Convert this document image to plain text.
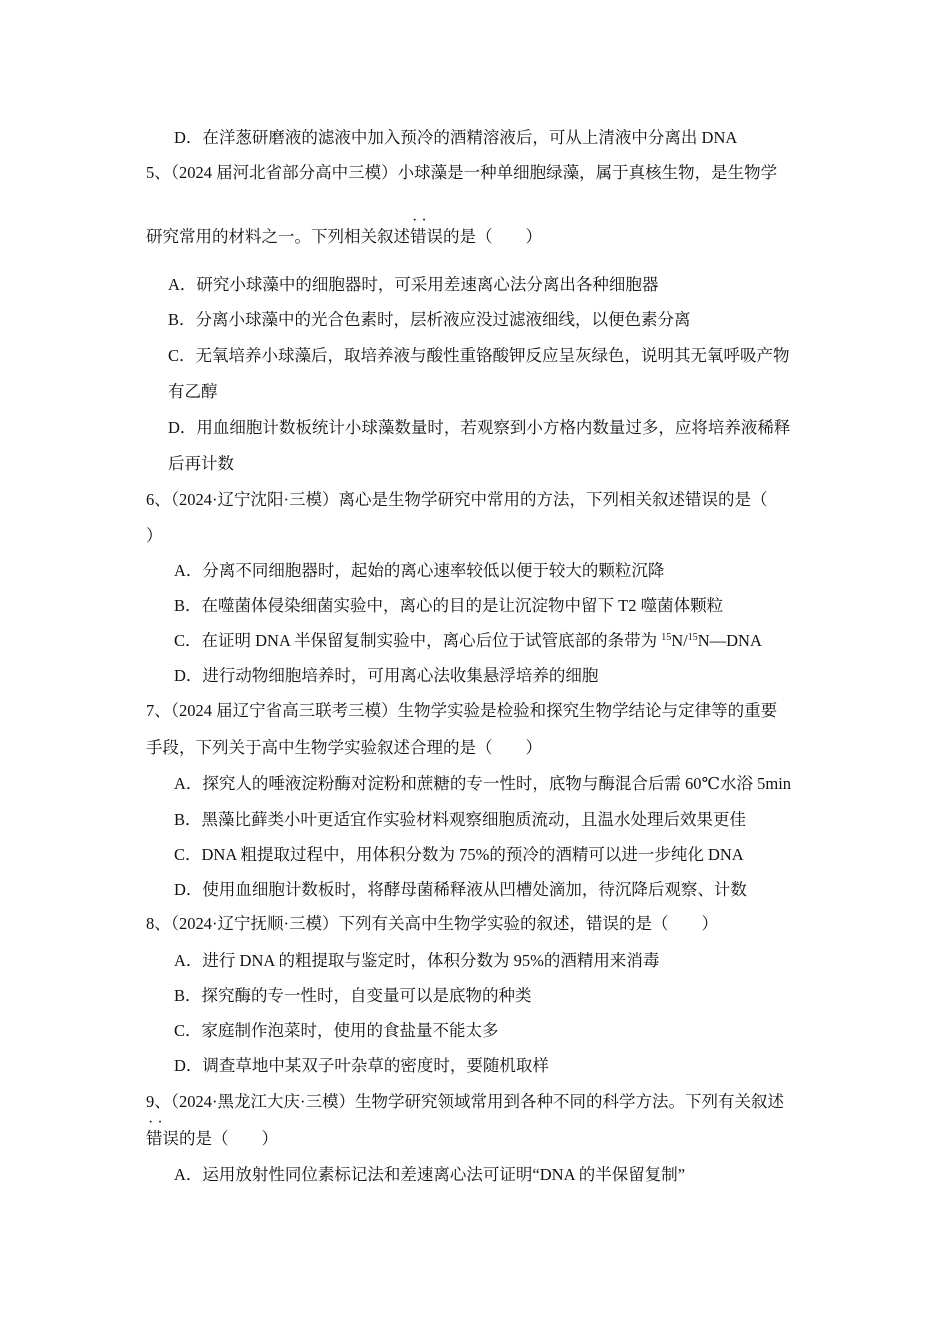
D．在洋葱研磨液的滤液中加入预冷的酒精溶液后，可从上清液中分离出 DNA
5、（2024 届河北省部分高中三模）小球藻是一种单细胞绿藻，属于真核生物，是生物学
研究常用的材料之一。下列相关叙述· · 错误的是（　　）
A．研究小球藻中的细胞器时，可采用差速离心法分离出各种细胞器
B．分离小球藻中的光合色素时，层析液应没过滤液细线，以便色素分离
C．无氧培养小球藻后，取培养液与酸性重铬酸钾反应呈灰绿色，说明其无氧呼吸产物
有乙醇
D．用血细胞计数板统计小球藻数量时，若观察到小方格内数量过多，应将培养液稀释
后再计数
6、（2024·辽宁沈阳·三模）离心是生物学研究中常用的方法，下列相关叙述错误的是（
）
A．分离不同细胞器时，起始的离心速率较低以便于较大的颗粒沉降
B．在噬菌体侵染细菌实验中，离心的目的是让沉淀物中留下 T2 噬菌体颗粒
C．在证明 DNA 半保留复制实验中，离心后位于试管底部的条带为 $^{15}$N/$^{15}$N—DNA
D．进行动物细胞培养时，可用离心法收集悬浮培养的细胞
7、（2024 届辽宁省高三联考三模）生物学实验是检验和探究生物学结论与定律等的重要
手段，下列关于高中生物学实验叙述合理的是（　　）
A．探究人的唾液淀粉酶对淀粉和蔗糖的专一性时，底物与酶混合后需 60℃水浴 5min
B．黑藻比藓类小叶更适宜作实验材料观察细胞质流动，且温水处理后效果更佳
C．DNA 粗提取过程中，用体积分数为 75%的预冷的酒精可以进一步纯化 DNA
D．使用血细胞计数板时，将酵母菌稀释液从凹槽处滴加，待沉降后观察、计数
8、（2024·辽宁抚顺·三模）下列有关高中生物学实验的叙述，错误的是（　　）
A．进行 DNA 的粗提取与鉴定时，体积分数为 95%的酒精用来消毒
B．探究酶的专一性时，自变量可以是底物的种类
C．家庭制作泡菜时，使用的食盐量不能太多
D．调查草地中某双子叶杂草的密度时，要随机取样
9、（2024·黑龙江大庆·三模）生物学研究领域常用到各种不同的科学方法。下列有关叙述
· · 错误的是（　　）
A．运用放射性同位素标记法和差速离心法可证明“DNA 的半保留复制”
